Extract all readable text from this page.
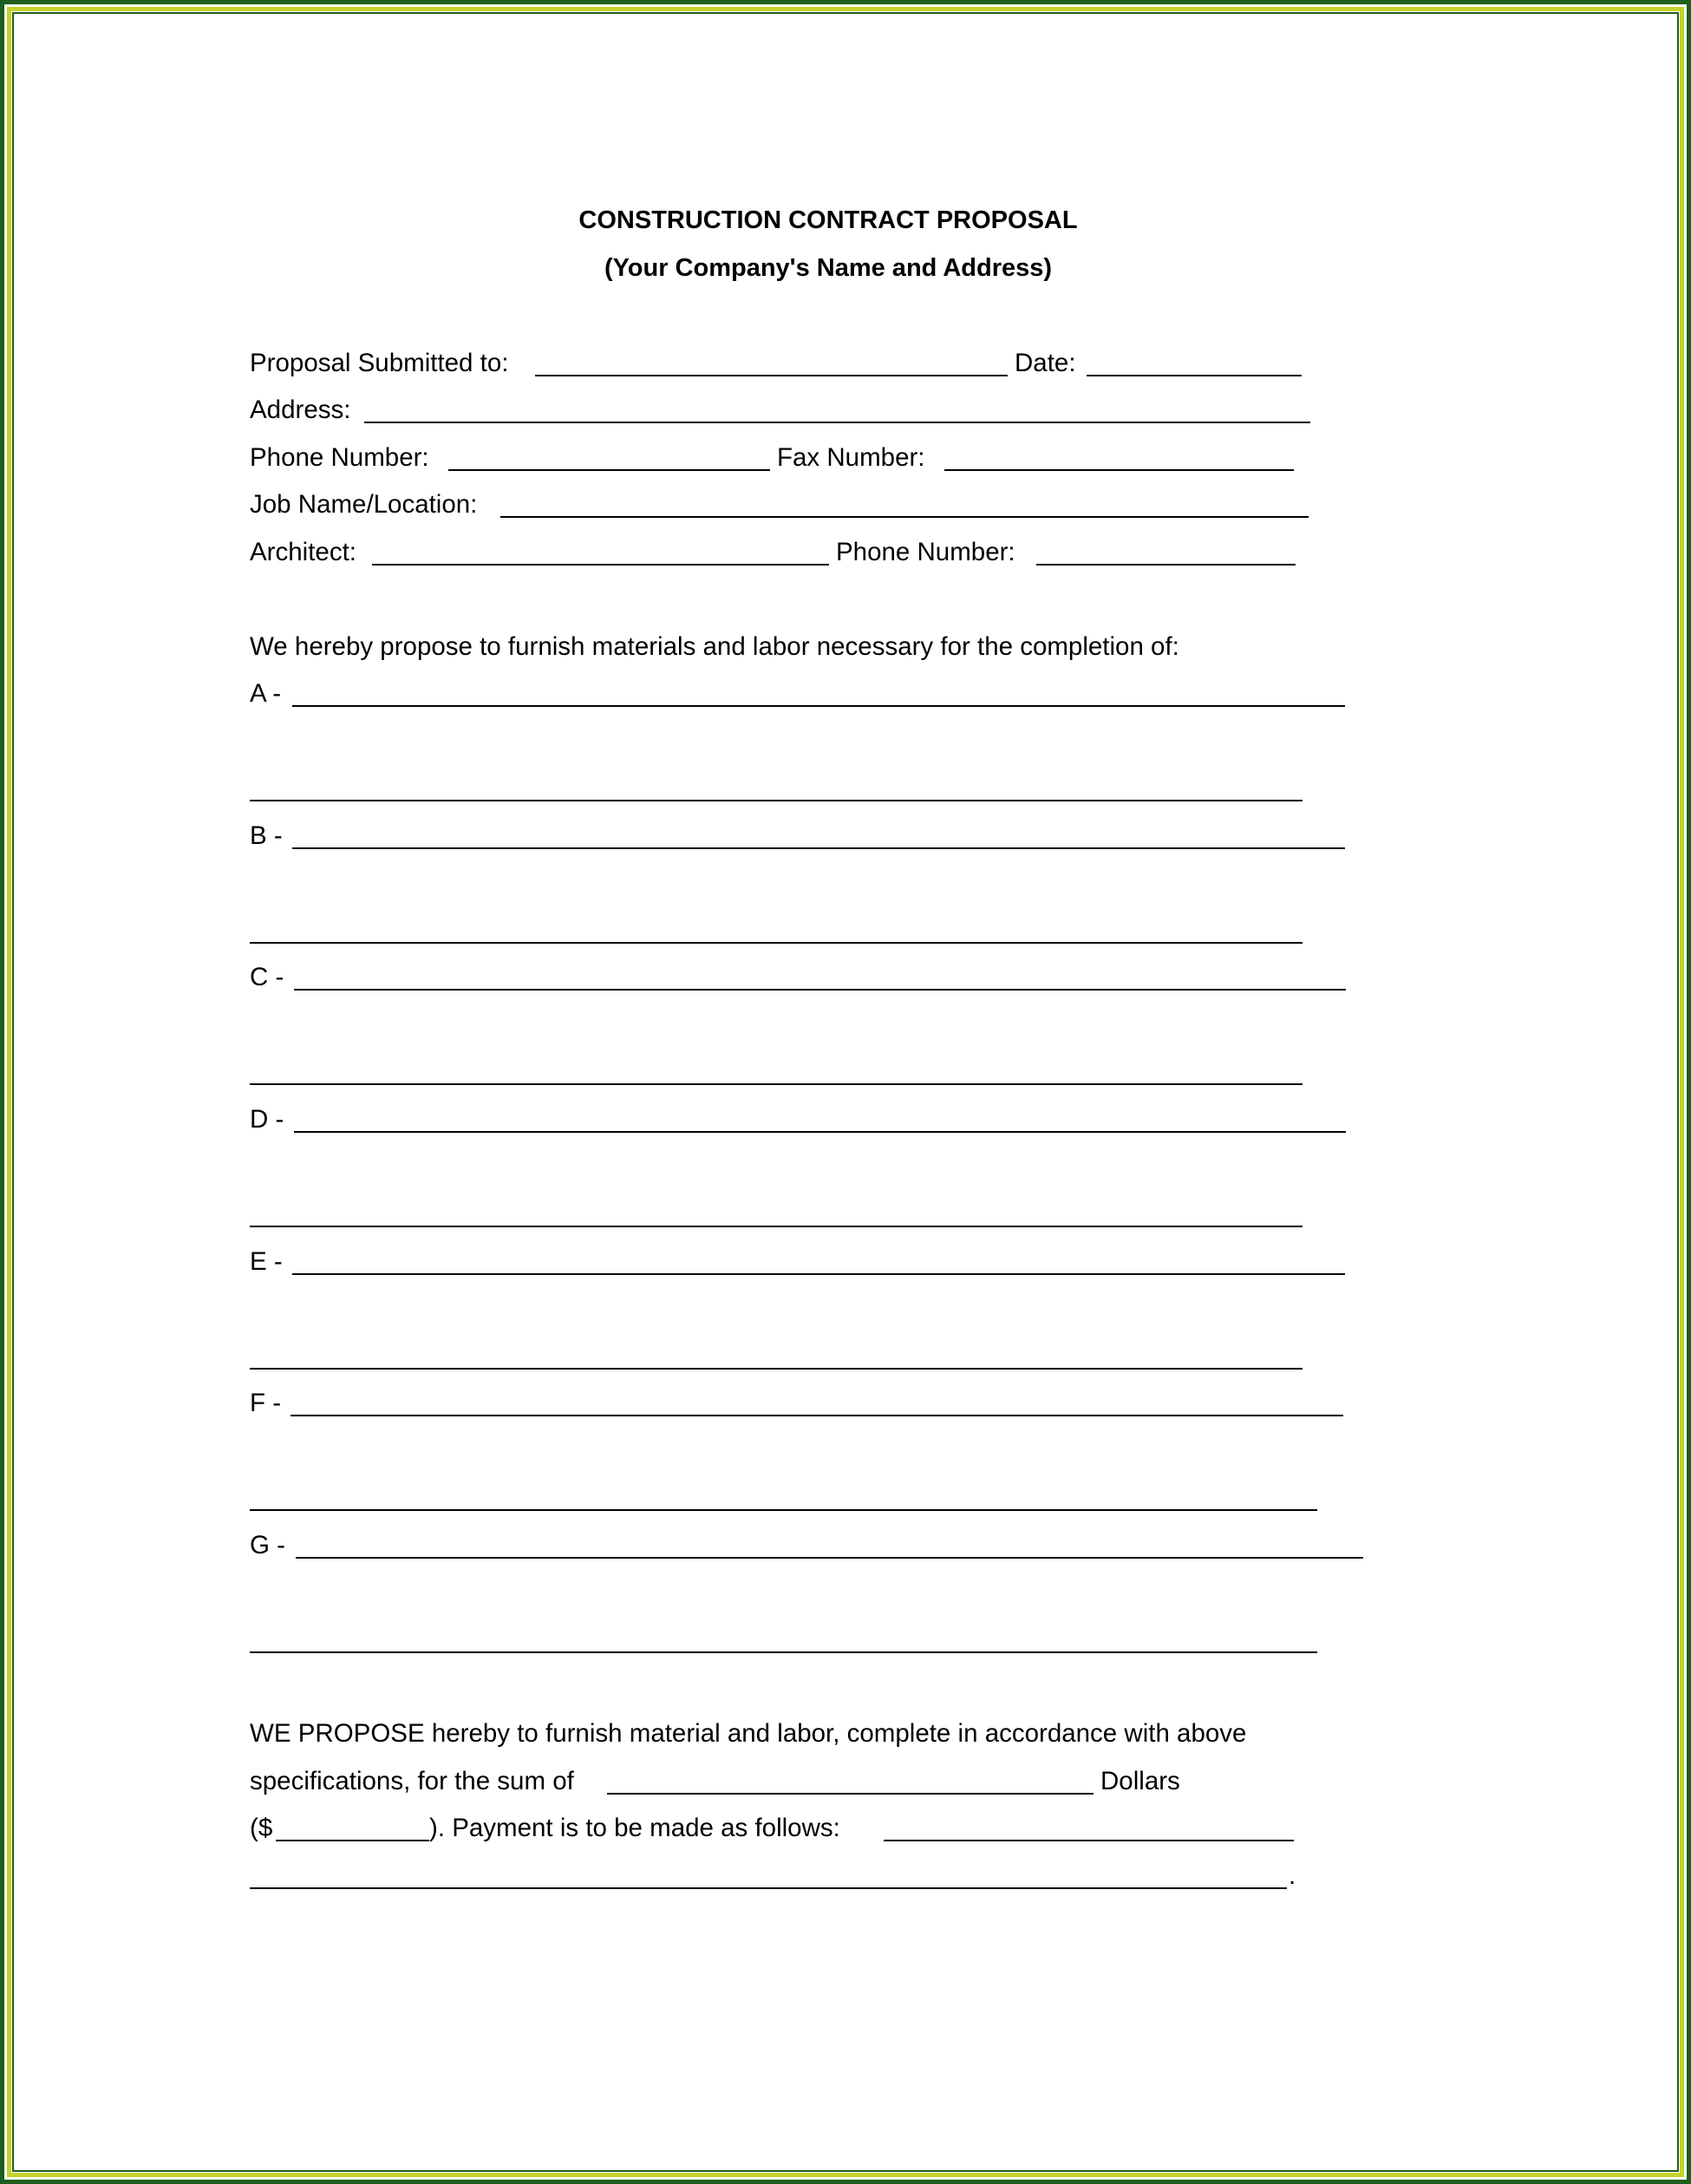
CONSTRUCTION CONTRACT PROPOSAL
(Your Company's Name and Address)
Proposal Submitted to:	Date:
Address:
Phone Number:	Fax Number:
Job Name/Location:
Architect:	Phone Number:
We hereby propose to furnish materials and labor necessary for the completion of:
A -
B -
C -
D -
E -
F -
G -
WE PROPOSE hereby to furnish material and labor, complete in accordance with above
specifications, for the sum of	Dollars
($	). Payment is to be made as follows:
.
